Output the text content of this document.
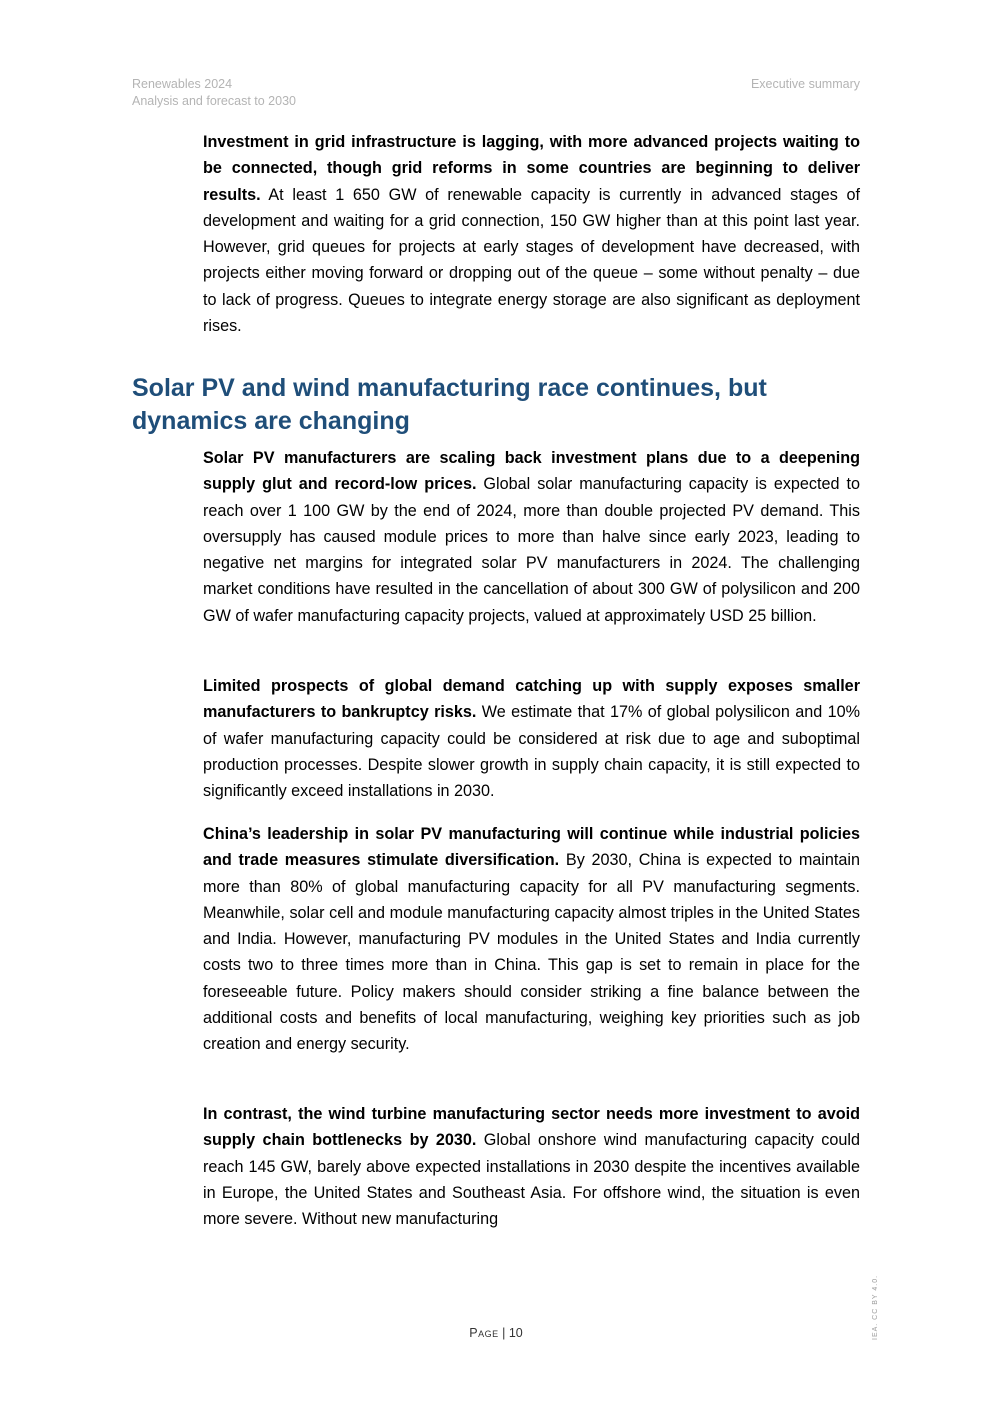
Renewables 2024
Analysis and forecast to 2030
Executive summary

Investment in grid infrastructure is lagging, with more advanced projects waiting to be connected, though grid reforms in some countries are beginning to deliver results. At least 1 650 GW of renewable capacity is currently in advanced stages of development and waiting for a grid connection, 150 GW higher than at this point last year. However, grid queues for projects at early stages of development have decreased, with projects either moving forward or dropping out of the queue – some without penalty – due to lack of progress. Queues to integrate energy storage are also significant as deployment rises.

Solar PV and wind manufacturing race continues, but dynamics are changing

Solar PV manufacturers are scaling back investment plans due to a deepening supply glut and record-low prices. Global solar manufacturing capacity is expected to reach over 1 100 GW by the end of 2024, more than double projected PV demand. This oversupply has caused module prices to more than halve since early 2023, leading to negative net margins for integrated solar PV manufacturers in 2024. The challenging market conditions have resulted in the cancellation of about 300 GW of polysilicon and 200 GW of wafer manufacturing capacity projects, valued at approximately USD 25 billion.

Limited prospects of global demand catching up with supply exposes smaller manufacturers to bankruptcy risks. We estimate that 17% of global polysilicon and 10% of wafer manufacturing capacity could be considered at risk due to age and suboptimal production processes. Despite slower growth in supply chain capacity, it is still expected to significantly exceed installations in 2030.

China’s leadership in solar PV manufacturing will continue while industrial policies and trade measures stimulate diversification. By 2030, China is expected to maintain more than 80% of global manufacturing capacity for all PV manufacturing segments. Meanwhile, solar cell and module manufacturing capacity almost triples in the United States and India. However, manufacturing PV modules in the United States and India currently costs two to three times more than in China. This gap is set to remain in place for the foreseeable future. Policy makers should consider striking a fine balance between the additional costs and benefits of local manufacturing, weighing key priorities such as job creation and energy security.

In contrast, the wind turbine manufacturing sector needs more investment to avoid supply chain bottlenecks by 2030. Global onshore wind manufacturing capacity could reach 145 GW, barely above expected installations in 2030 despite the incentives available in Europe, the United States and Southeast Asia. For offshore wind, the situation is even more severe. Without new manufacturing

Page | 10	IEA. CC BY 4.0.
